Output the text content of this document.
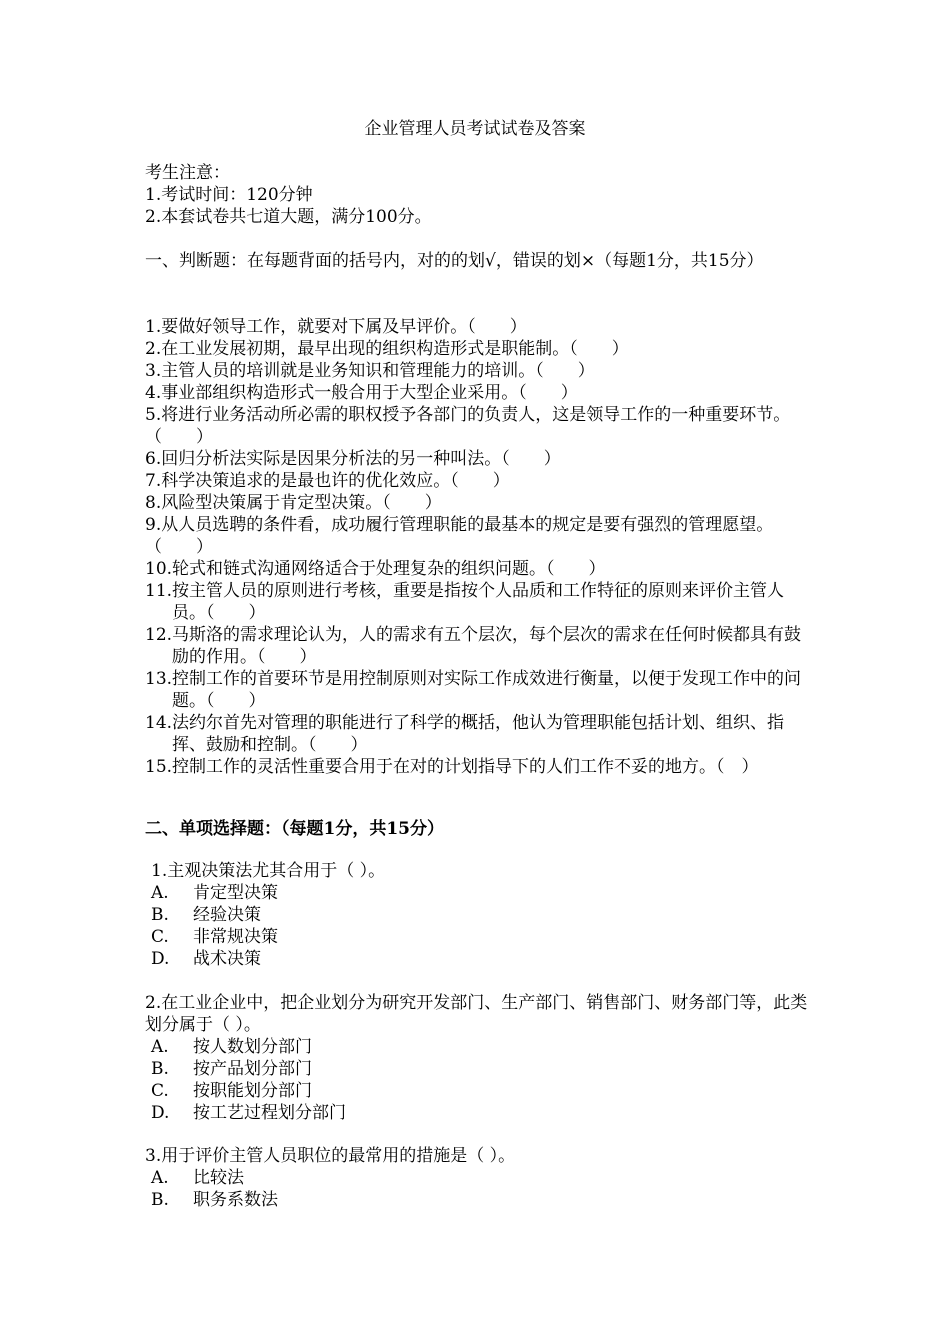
企业管理人员考试试卷及答案
考生注意：
1.考试时间：120分钟
2.本套试卷共七道大题，满分100分。
一、判断题：在每题背面的括号内，对的的划√，错误的划×（每题1分，共15分）
1.要做好领导工作，就要对下属及早评价。（　　）
2.在工业发展初期，最早出现的组织构造形式是职能制。（　　）
3.主管人员的培训就是业务知识和管理能力的培训。（　　）
4.事业部组织构造形式一般合用于大型企业采用。（　　）
5.将进行业务活动所必需的职权授予各部门的负责人，这是领导工作的一种重要环节。（　　）
6.回归分析法实际是因果分析法的另一种叫法。（　　）
7.科学决策追求的是最也许的优化效应。（　　）
8.风险型决策属于肯定型决策。（　　）
9.从人员选聘的条件看，成功履行管理职能的最基本的规定是要有强烈的管理愿望。（　　）
10.轮式和链式沟通网络适合于处理复杂的组织问题。（　　）
11.按主管人员的原则进行考核，重要是指按个人品质和工作特征的原则来评价主管人员。（　　）
12.马斯洛的需求理论认为，人的需求有五个层次，每个层次的需求在任何时候都具有鼓励的作用。（　　）
13.控制工作的首要环节是用控制原则对实际工作成效进行衡量，以便于发现工作中的问题。（　　）
14.法约尔首先对管理的职能进行了科学的概括，他认为管理职能包括计划、组织、指挥、鼓励和控制。（　　）
15.控制工作的灵活性重要合用于在对的计划指导下的人们工作不妥的地方。（　）
二、单项选择题：（每题1分，共15分）
1.主观决策法尤其合用于（ ）。
A. 肯定型决策
B. 经验决策
C. 非常规决策
D. 战术决策
2.在工业企业中，把企业划分为研究开发部门、生产部门、销售部门、财务部门等，此类划分属于（ ）。
A. 按人数划分部门
B. 按产品划分部门
C. 按职能划分部门
D. 按工艺过程划分部门
3.用于评价主管人员职位的最常用的措施是（ ）。
A. 比较法
B. 职务系数法
